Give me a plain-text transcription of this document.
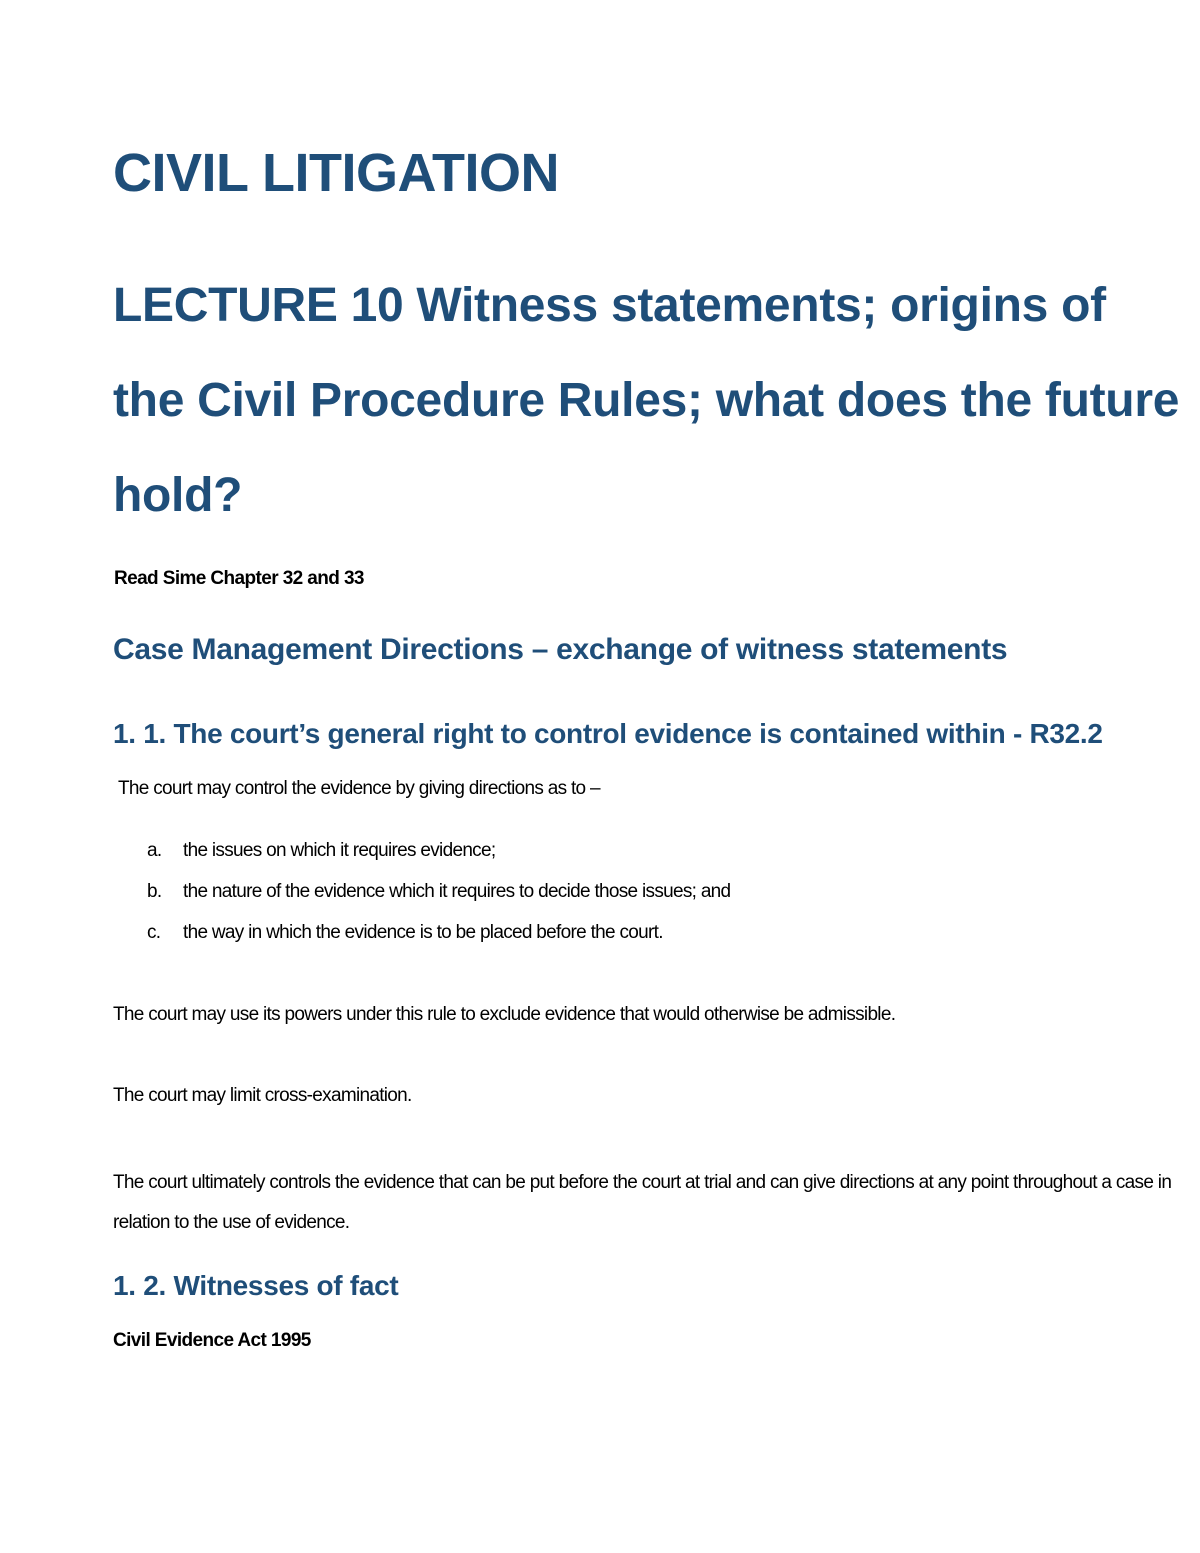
CIVIL LITIGATION
LECTURE 10 Witness statements; origins of the Civil Procedure Rules; what does the future hold?

Read Sime Chapter 32 and 33

Case Management Directions – exchange of witness statements
1. 1. The court’s general right to control evidence is contained within - R32.2

The court may control the evidence by giving directions as to –

a.	the issues on which it requires evidence;
b.	the nature of the evidence which it requires to decide those issues; and
c.	the way in which the evidence is to be placed before the court.

The court may use its powers under this rule to exclude evidence that would otherwise be admissible.

The court may limit cross-examination.

The court ultimately controls the evidence that can be put before the court at trial and can give directions at any point throughout a case in relation to the use of evidence.

1. 2. Witnesses of fact

Civil Evidence Act 1995
